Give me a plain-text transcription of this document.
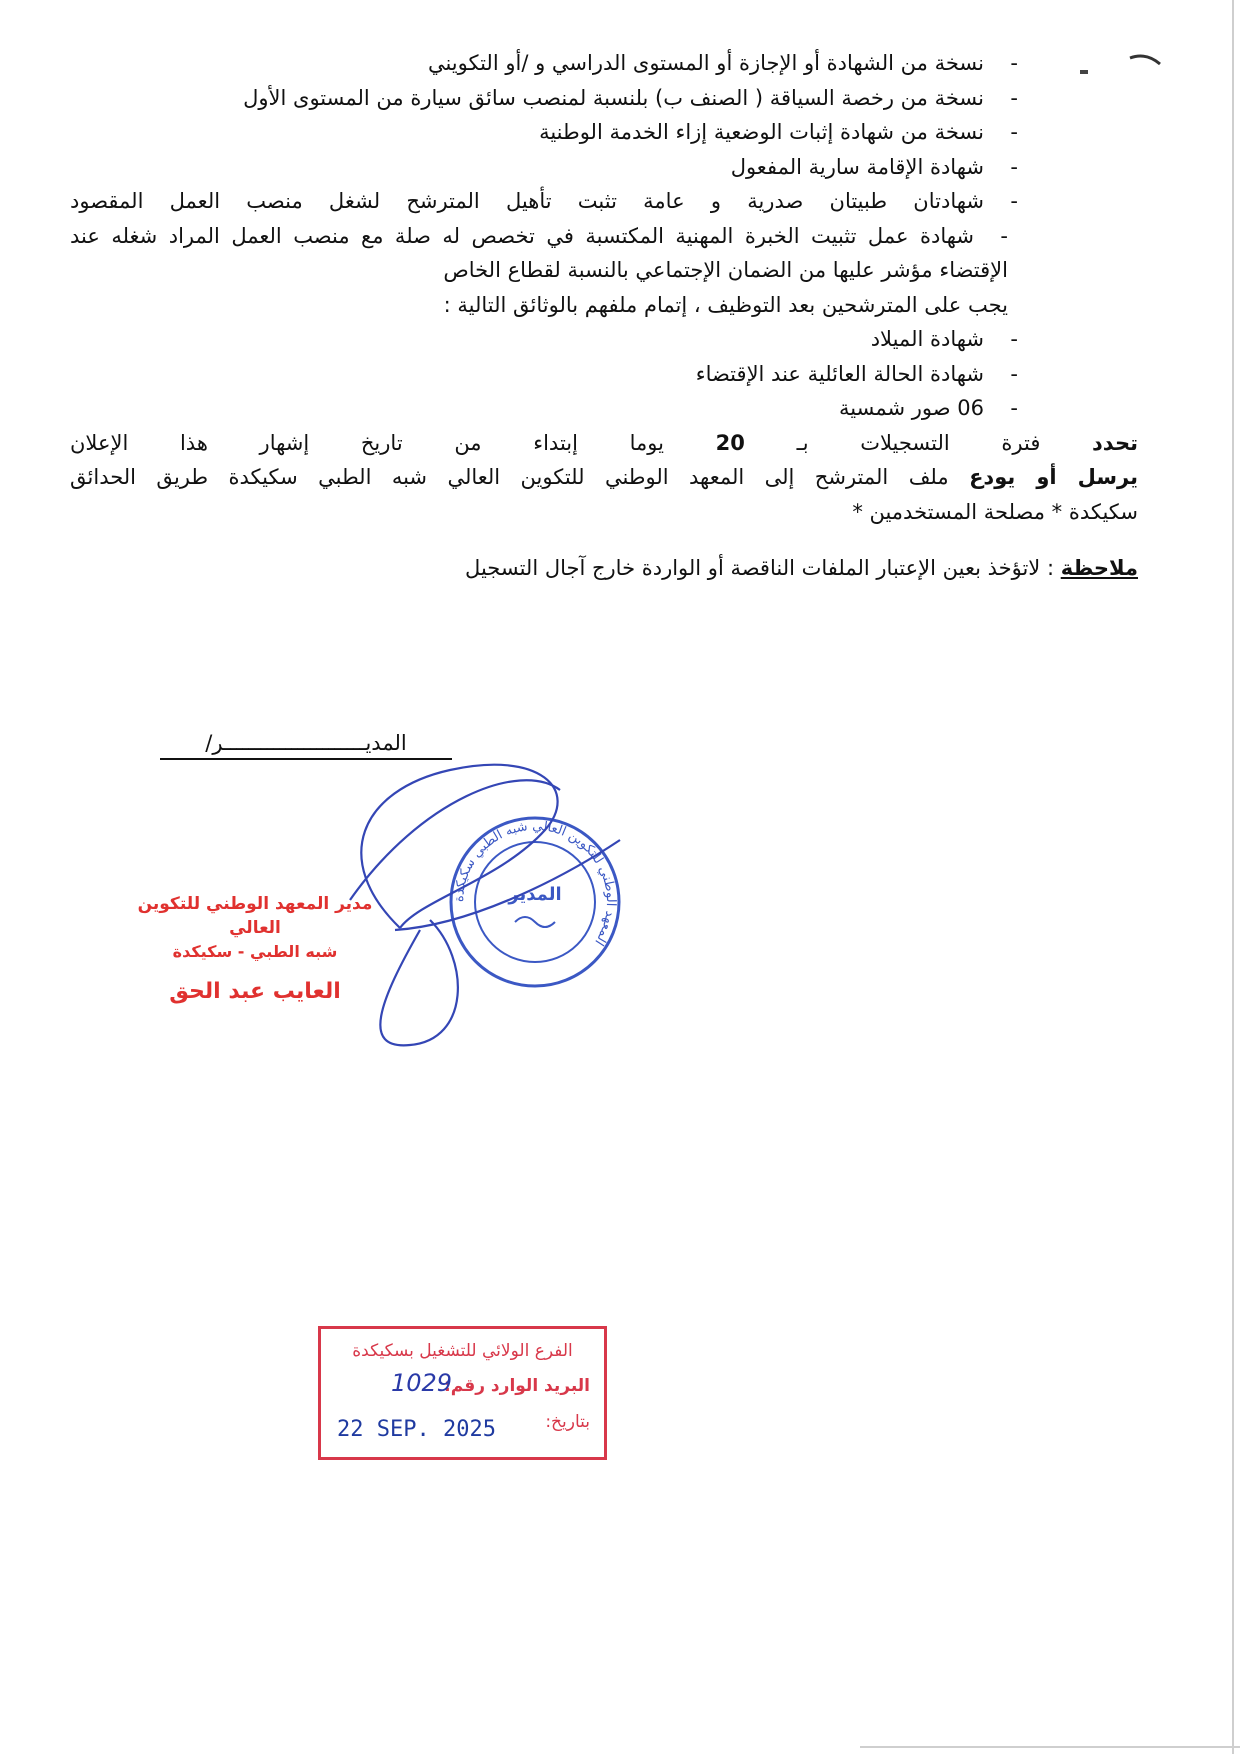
- نسخة من الشهادة أو الإجازة أو المستوى الدراسي و /أو التكويني
- نسخة من رخصة السياقة ( الصنف ب) بلنسبة لمنصب سائق سيارة من المستوى الأول
- نسخة من شهادة إثبات الوضعية إزاء الخدمة الوطنية
- شهادة الإقامة سارية المفعول
- شهادتان طبيتان صدرية و عامة تثبت تأهيل المترشح لشغل منصب العمل المقصود
- شهادة عمل تثبيت الخبرة المهنية المكتسبة في تخصص له صلة مع منصب العمل المراد شغله عند
الإقتضاء مؤشر عليها من الضمان الإجتماعي بالنسبة لقطاع الخاص
يجب على المترشحين بعد التوظيف ، إتمام ملفهم بالوثائق التالية :
- شهادة الميلاد
- شهادة الحالة العائلية عند الإقتضاء
- 06 صور شمسية
تحدد فترة التسجيلات بـ 20 يوما إبتداء من تاريخ إشهار هذا الإعلان
يرسل أو يودع ملف المترشح إلى المعهد الوطني للتكوين العالي شبه الطبي سكيكدة طريق الحدائق
سكيكدة * مصلحة المستخدمين *
ملاحظة : لاتؤخذ بعين الإعتبار الملفات الناقصة أو الواردة خارج آجال التسجيل
المديـــــــــــــــــــــــر/
مدير المعهد الوطني للتكوين العالي
شبه الطبي - سكيكدة
العايب عبد الحق
المعهد الوطني للتكوين العالي شبه الطبي سكيكدة
المدير
الفرع الولائي للتشغيل بسكيكدة
البريد الوارد رقم:
بتاريخ:
1029
22 SEP. 2025
